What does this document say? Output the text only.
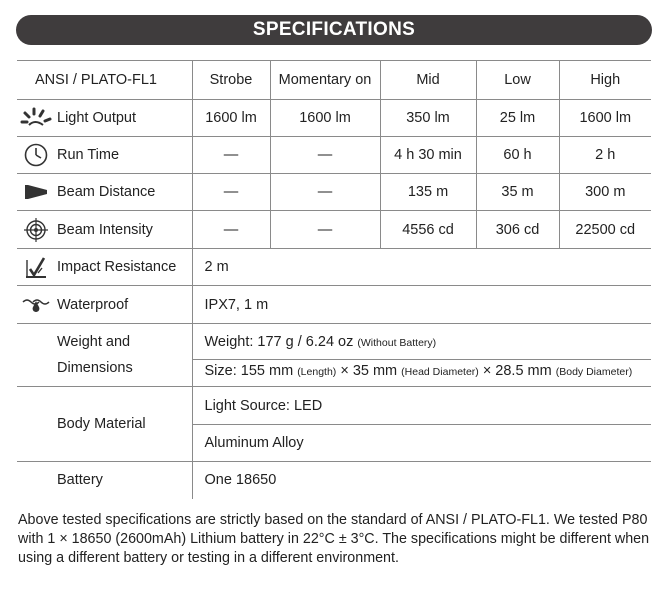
SPECIFICATIONS
ANSI / PLATO-FL1	Strobe	Momentary on	Mid	Low	High

Light Output	1600 lm	1600 lm	350 lm	25 lm	1600 lm

Run Time	—	—	4 h 30 min	60 h	2 h

Beam Distance	—	—	135 m	35 m	300 m

Beam Intensity	—	—	4556 cd	306 cd	22500 cd

Impact Resistance	2 m				

Waterproof	IPX7, 1 m				

Weight and
Dimensions	Weight: 177 g / 6.24 oz (Without Battery)				
	Size: 155 mm (Length) × 35 mm (Head Diameter) × 28.5 mm (Body Diameter)				

Body Material	Light Source: LED				
	Aluminum Alloy				

Battery	One 18650				
Above tested specifications are strictly based on the standard of ANSI / PLATO-FL1. We tested P80 with 1 × 18650 (2600mAh) Lithium battery in 22°C ± 3°C. The specifications might be different when using a different battery or testing in a different environment.
